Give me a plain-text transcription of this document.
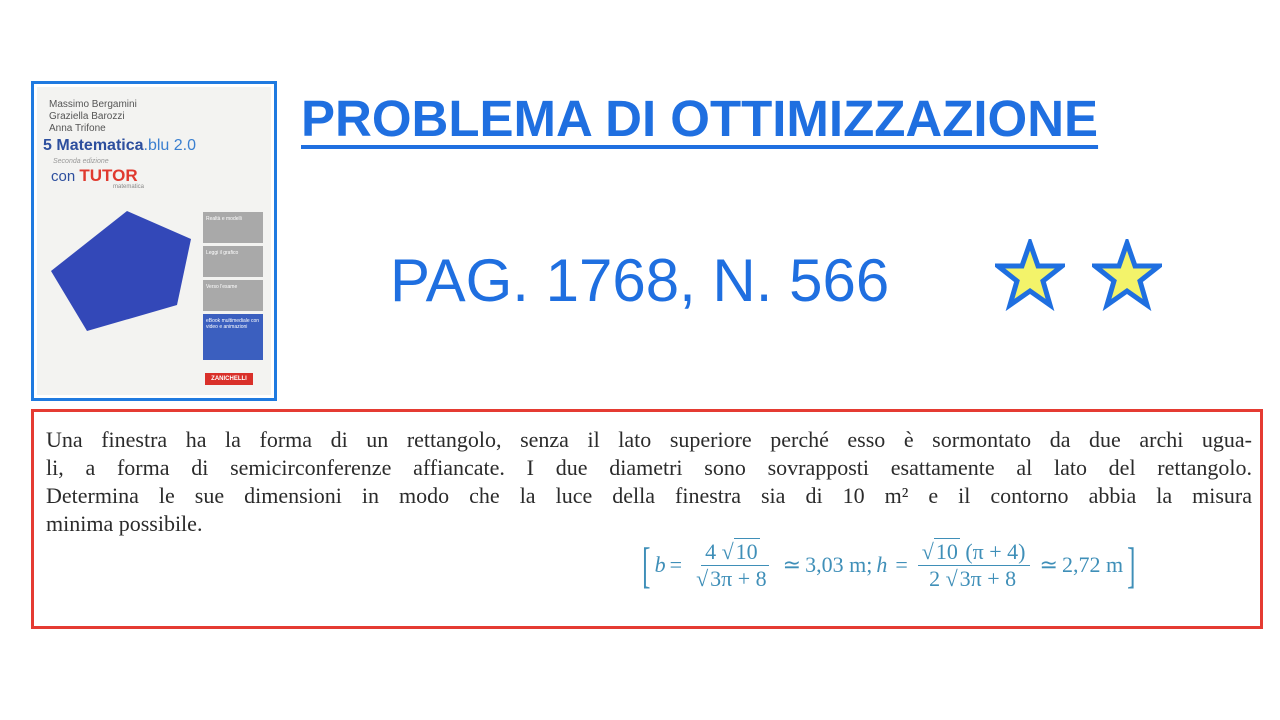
Massimo Bergamini
Graziella Barozzi
Anna Trifone
5 Matematica.blu 2.0
Seconda edizione
con TUTOR
matematica
Realtà e modelli
Leggi il grafico
Verso l'esame
eBook multimediale con video e animazioni
ZANICHELLI
PROBLEMA DI OTTIMIZZAZIONE
PAG. 1768, N. 566
Una finestra ha la forma di un rettangolo, senza il lato superiore perché esso è sormontato da due archi ugua-
li, a forma di semicirconferenze affiancate. I due diametri sono sovrapposti esattamente al lato del rettangolo.
Determina le sue dimensioni in modo che la luce della finestra sia di 10 m² e il contorno abbia la misura
minima possibile.
[ $b = \frac{4 √10}{√3\pi + 8}$ ≃ 3,03 m; $h = \frac{√10 (\pi + 4)}{2 √3\pi + 8}$ ≃ 2,72 m ]
